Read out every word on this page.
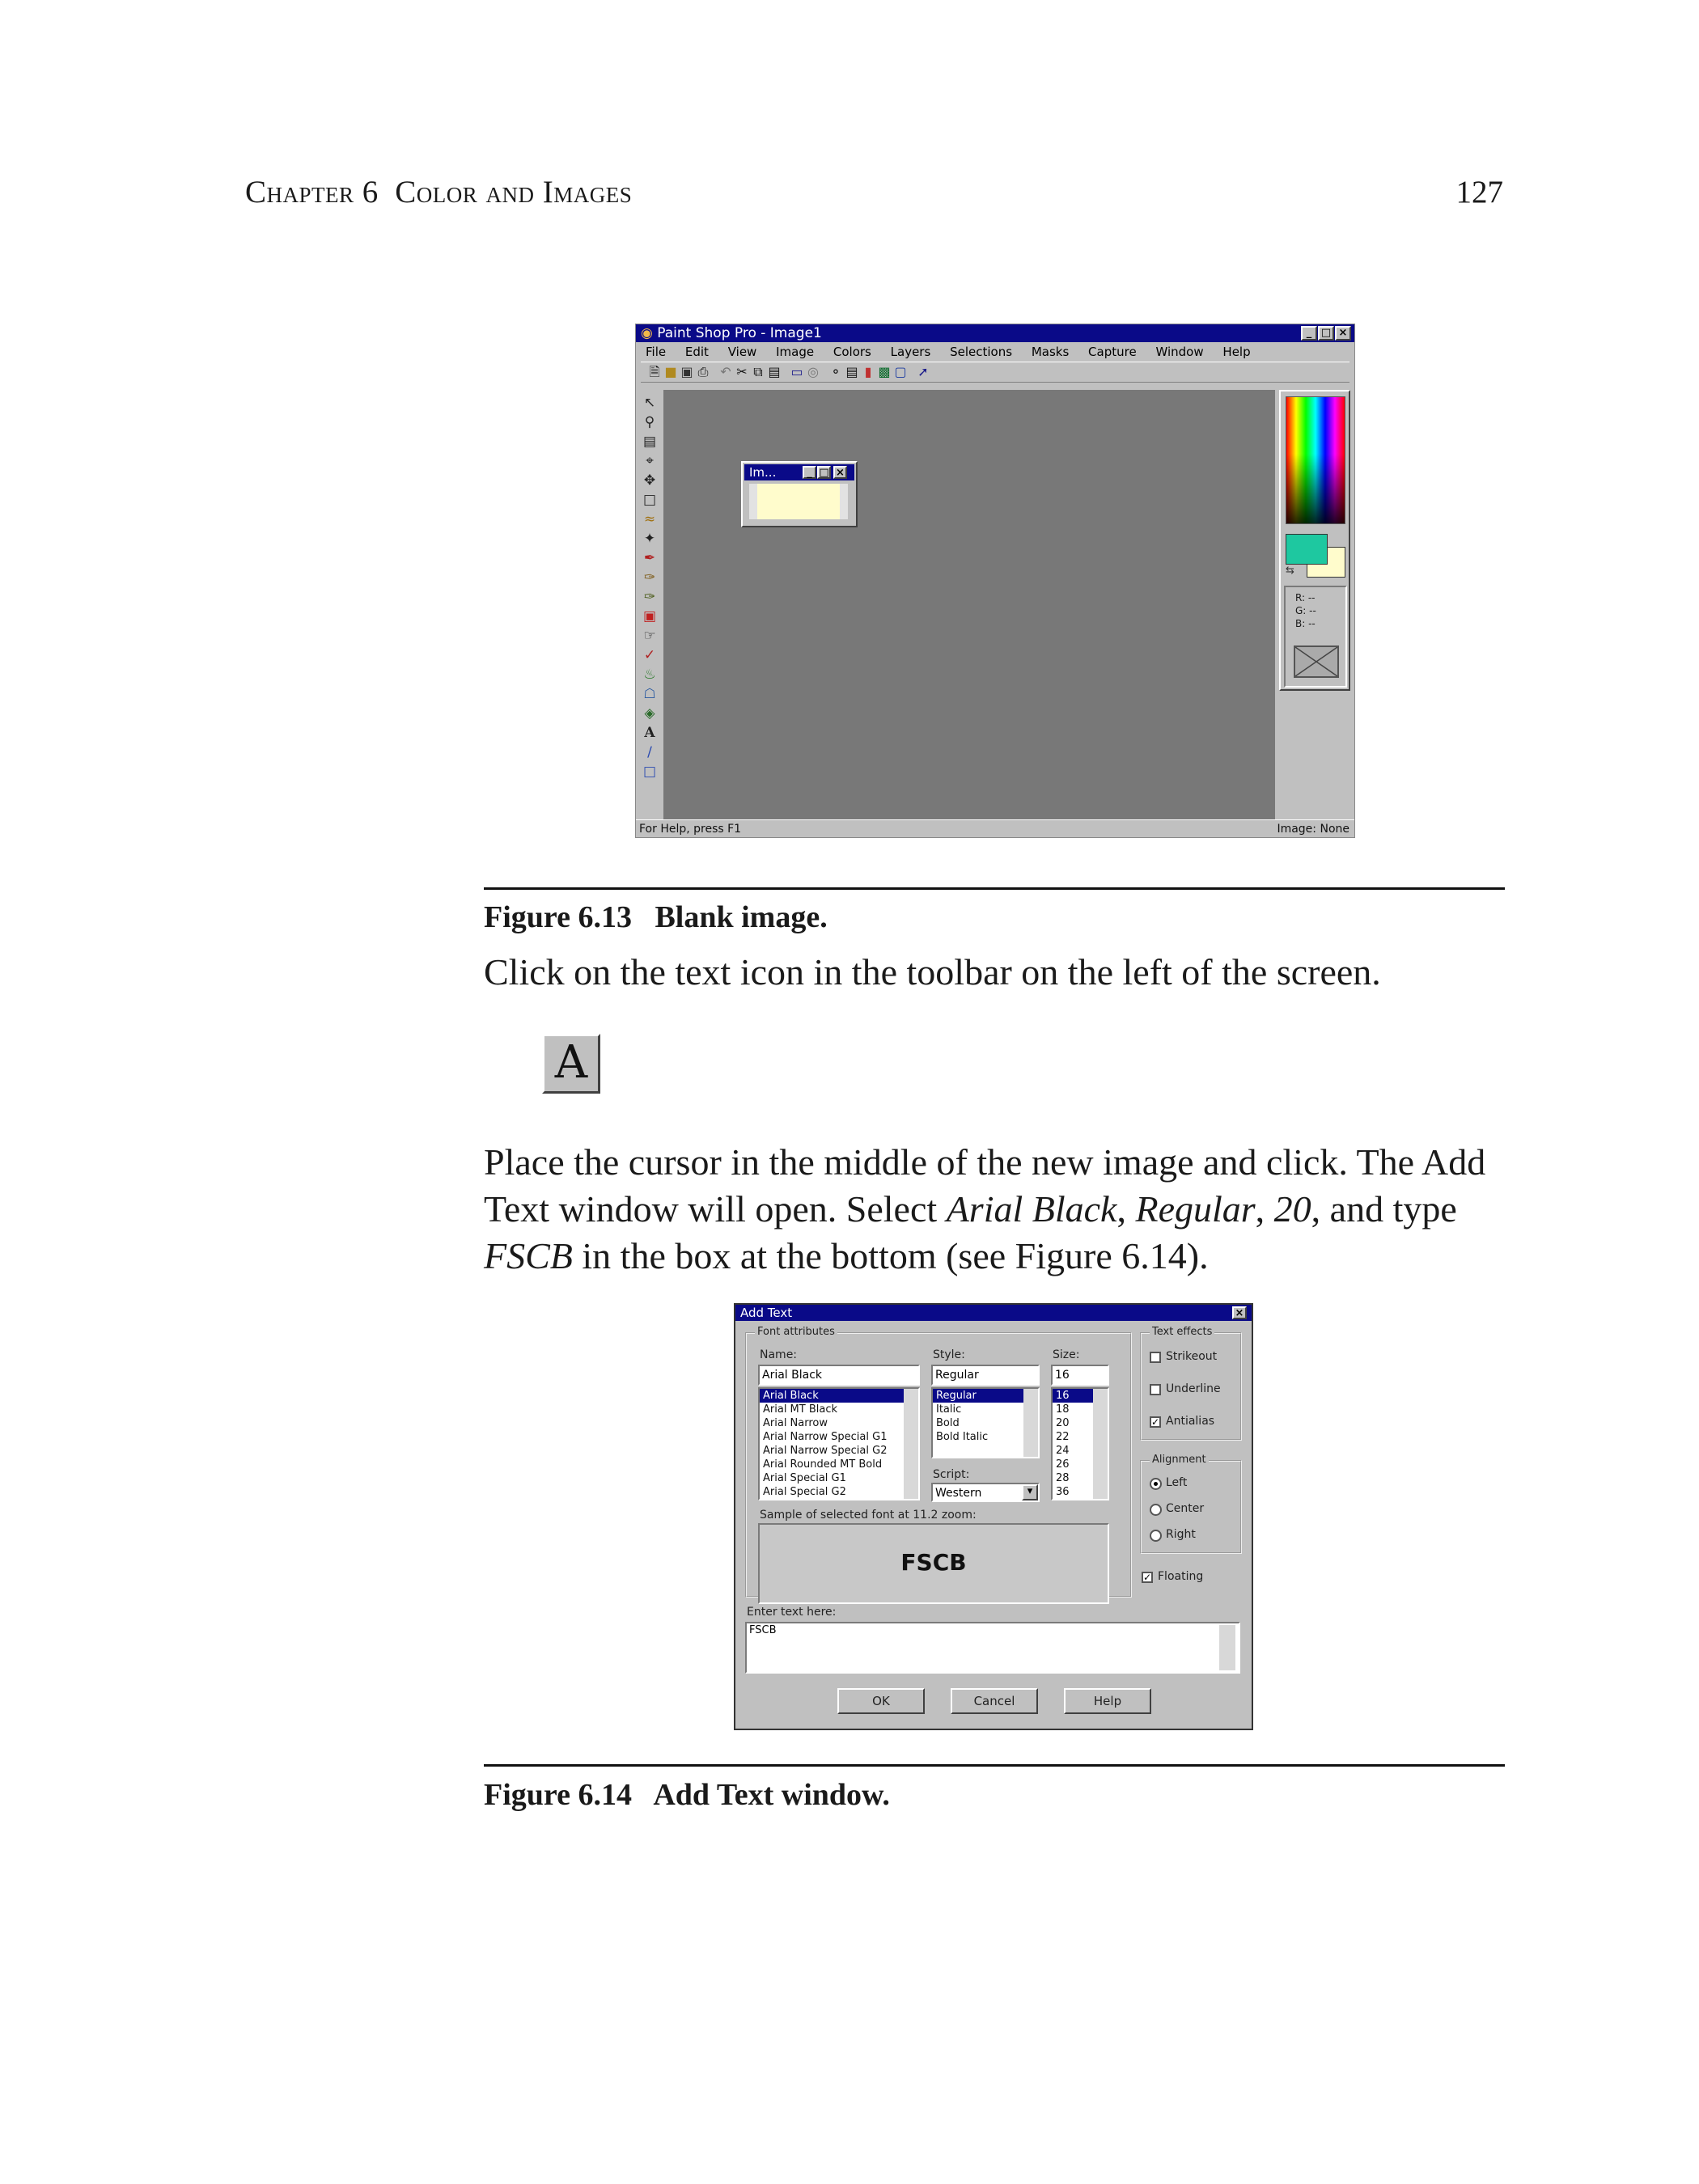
Chapter 6 Color and Images	127
◉ Paint Shop Pro - Image1	_ □ ×
File Edit View Image Colors Layers Selections Masks Capture Window Help
🗎 ■ ▣ ⎙ ↶ ✂ ⧉ ▤ ▭ ◎ ⚬ ▤ ▮ ▩ ▢ ➚
↖
⚲
▤
⌖
✥
□
≈
✦
✒
✑
✑
▣
☞
✓
♨
☖
◈
A
∕
□
Im...	_ □ ×
⇆
R: --
G: --
B: --
For Help, press F1	Image: None
Figure 6.13 Blank image.
Click on the text icon in the toolbar on the left of the screen.
A
Place the cursor in the middle of the new image and click. The Add Text window will open. Select Arial Black, Regular, 20, and type FSCB in the box at the bottom (see Figure 6.14).
Add Text	×
Font attributes
Name:
Arial Black
Arial Black
Arial MT Black
Arial Narrow
Arial Narrow Special G1
Arial Narrow Special G2
Arial Rounded MT Bold
Arial Special G1
Arial Special G2
Style:
Regular
Regular
Italic
Bold
Bold Italic
Script:
Western	▾
Size:
16
16
18
20
22
24
26
28
36
Sample of selected font at 11.2 zoom:
FSCB
Text effects
Strikeout
Underline
✓ Antialias
Alignment
Left
Center
Right
✓ Floating
Enter text here:
FSCB
OK	Cancel	Help
Figure 6.14 Add Text window.
